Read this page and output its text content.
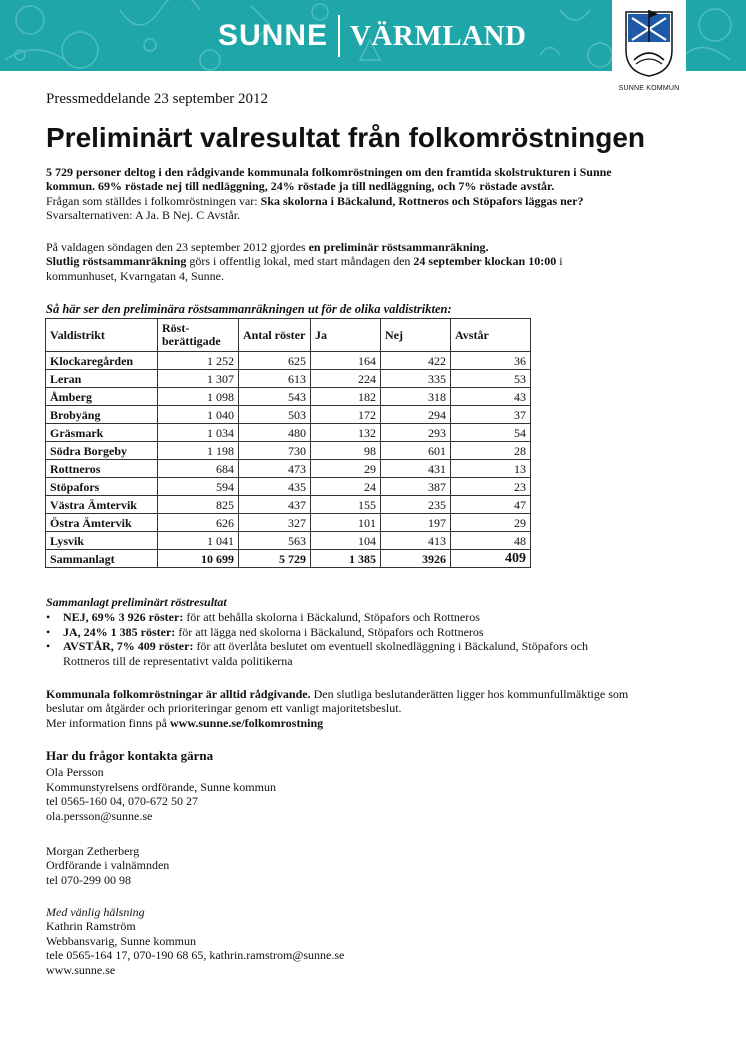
SUNNE VÄRMLAND
SUNNE KOMMUN
Pressmeddelande 23 september 2012
Preliminärt valresultat från folkomröstningen

5 729 personer deltog i den rådgivande kommunala folkomröstningen om den framtida skolstrukturen i Sunne kommun. 69% röstade nej till nedläggning, 24% röstade ja till nedläggning, och 7% röstade avstår.

Frågan som ställdes i folkomröstningen var: Ska skolorna i Bäckalund, Rottneros och Stöpafors läggas ner?

Svarsalternativen: A Ja. B Nej. C Avstår.

På valdagen söndagen den 23 september 2012 gjordes en preliminär röstsammanräkning.

Slutlig röstsammanräkning görs i offentlig lokal, med start måndagen den 24 september klockan 10:00 i kommunhuset, Kvarngatan 4, Sunne.

Så här ser den preliminära röstsammanräkningen ut för de olika valdistrikten:
Valdistrikt	Röst-berättigade	Antal röster	Ja	Nej	Avstår
Klockaregården	1 252	625	164	422	36
Leran	1 307	613	224	335	53
Åmberg	1 098	543	182	318	43
Brobyäng	1 040	503	172	294	37
Gräsmark	1 034	480	132	293	54
Södra Borgeby	1 198	730	98	601	28
Rottneros	684	473	29	431	13
Stöpafors	594	435	24	387	23
Västra Ämtervik	825	437	155	235	47
Östra Ämtervik	626	327	101	197	29
Lysvik	1 041	563	104	413	48
Sammanlagt	10 699	5 729	1 385	3926	409
Sammanlagt preliminärt röstresultat
• NEJ, 69% 3 926 röster: för att behålla skolorna i Bäckalund, Stöpafors och Rottneros
• JA, 24% 1 385 röster: för att lägga ned skolorna i Bäckalund, Stöpafors och Rottneros
• AVSTÅR, 7% 409 röster: för att överlåta beslutet om eventuell skolnedläggning i Bäckalund, Stöpafors och Rottneros till de representativt valda politikerna
Kommunala folkomröstningar är alltid rådgivande. Den slutliga beslutanderätten ligger hos kommunfullmäktige som beslutar om åtgärder och prioriteringar genom ett vanligt majoritetsbeslut.
Mer information finns på www.sunne.se/folkomrostning
Har du frågor kontakta gärna
Ola Persson
Kommunstyrelsens ordförande, Sunne kommun
tel 0565-160 04, 070-672 50 27
ola.persson@sunne.se
Morgan Zetherberg
Ordförande i valnämnden
tel 070-299 00 98
Med vänlig hälsning
Kathrin Ramström
Webbansvarig, Sunne kommun
tele 0565-164 17, 070-190 68 65, kathrin.ramstrom@sunne.se
www.sunne.se
